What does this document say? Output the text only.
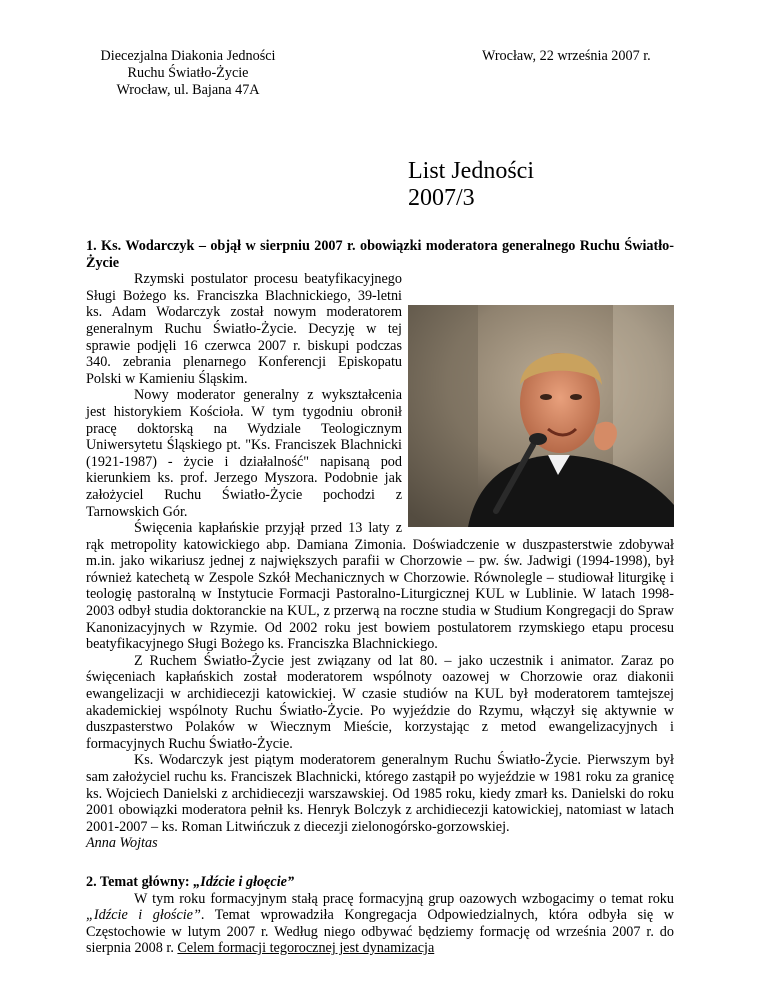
Diecezjalna Diakonia Jedności
Ruchu Światło-Życie
Wrocław, ul. Bajana 47A
Wrocław, 22 września 2007 r.
List Jedności
2007/3
1. Ks. Wodarczyk – objął w sierpniu 2007 r. obowiązki moderatora generalnego Ruchu Światło-Życie

Rzymski postulator procesu beatyfikacyjnego Sługi Bożego ks. Franciszka Blachnickiego, 39-letni ks. Adam Wodarczyk został nowym moderatorem generalnym Ruchu Światło-Życie. Decyzję w tej sprawie podjęli 16 czerwca 2007 r. biskupi podczas 340. zebrania plenarnego Konferencji Episkopatu Polski w Kamieniu Śląskim.

Nowy moderator generalny z wykształcenia jest historykiem Kościoła. W tym tygodniu obronił pracę doktorską na Wydziale Teologicznym Uniwersytetu Śląskiego pt. "Ks. Franciszek Blachnicki (1921-1987) - życie i działalność" napisaną pod kierunkiem ks. prof. Jerzego Myszora. Podobnie jak założyciel Ruchu Światło-Życie pochodzi z Tarnowskich Gór.

Święcenia kapłańskie przyjął przed 13 laty z rąk metropolity katowickiego abp. Damiana Zimonia. Doświadczenie w duszpasterstwie zdobywał m.in. jako wikariusz jednej z największych parafii w Chorzowie – pw. św. Jadwigi (1994-1998), był również katechetą w Zespole Szkół Mechanicznych w Chorzowie. Równolegle – studiował liturgikę i teologię pastoralną w Instytucie Formacji Pastoralno-Liturgicznej KUL w Lublinie. W latach 1998-2003 odbył studia doktoranckie na KUL, z przerwą na roczne studia w Studium Kongregacji do Spraw Kanonizacyjnych w Rzymie. Od 2002 roku jest bowiem postulatorem rzymskiego etapu procesu beatyfikacyjnego Sługi Bożego ks. Franciszka Blachnickiego.

Z Ruchem Światło-Życie jest związany od lat 80. – jako uczestnik i animator. Zaraz po święceniach kapłańskich został moderatorem wspólnoty oazowej w Chorzowie oraz diakonii ewangelizacji w archidiecezji katowickiej. W czasie studiów na KUL był moderatorem tamtejszej akademickiej wspólnoty Ruchu Światło-Życie. Po wyjeździe do Rzymu, włączył się aktywnie w duszpasterstwo Polaków w Wiecznym Mieście, korzystając z metod ewangelizacyjnych i formacyjnych Ruchu Światło-Życie.

Ks. Wodarczyk jest piątym moderatorem generalnym Ruchu Światło-Życie. Pierwszym był sam założyciel ruchu ks. Franciszek Blachnicki, którego zastąpił po wyjeździe w 1981 roku za granicę ks. Wojciech Danielski z archidiecezji warszawskiej. Od 1985 roku, kiedy zmarł ks. Danielski do roku 2001 obowiązki moderatora pełnił ks. Henryk Bolczyk z archidiecezji katowickiej, natomiast w latach 2001-2007 – ks. Roman Litwińczuk z diecezji zielonogórsko-gorzowskiej.

Anna Wojtas

2. Temat główny: „Idźcie i głoęcie”

W tym roku formacyjnym stałą pracę formacyjną grup oazowych wzbogacimy o temat roku „Idźcie i głoście”. Temat wprowadziła Kongregacja Odpowiedzialnych, która odbyła się w Częstochowie w lutym 2007 r. Według niego odbywać będziemy formację od września 2007 r. do sierpnia 2008 r. Celem formacji tegorocznej jest dynamizacja
